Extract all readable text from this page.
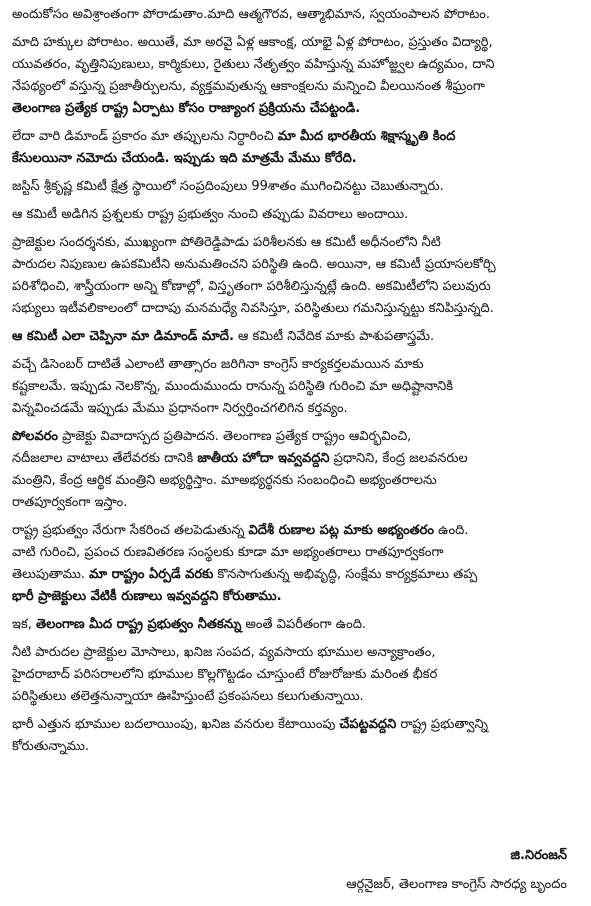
అందుకోసం అవిశ్రాంతంగా పోరాడుతాం.మాది ఆత్మగౌరవ, ఆత్మాభిమాన, స్వయంపాలన పోరాటం.
మాది హక్కుల పోరాటం. అయితే, మా అరవై ఏళ్ల ఆకాంక్ష, యాభై ఏళ్ల పోరాటం, ప్రస్తుతం విద్యార్థి,
యువతరం, వృత్తినిపుణులు, కార్మికులు, రైతులు నేతృత్వం వహిస్తున్న మహోజ్జ్వల ఉద్యమం, దాని
నేపథ్యంలో వస్తున్న ప్రజాతీర్పులను, వ్యక్తమవుతున్న ఆకాంక్షలను మన్నించి వీలయినంత శీఘ్రంగా
తెలంగాణ ప్రత్యేక రాష్ట్ర ఏర్పాటు కోసం రాజ్యాంగ ప్రక్రియను చేపట్టండి.
లేదా వారి డిమాండ్ ప్రకారం మా తప్పులను నిర్ధారించి మా మీద భారతీయ శిక్షాస్మృతి కింద
కేసులయినా నమోదు చేయండి. ఇప్పుడు ఇది మాత్రమే మేము కోరేది.
జస్టిస్ శ్రీకృష్ణ కమిటీ క్షేత్ర స్థాయిలో సంప్రదింపులు 99శాతం ముగించినట్టు చెబుతున్నారు.
ఆ కమిటీ అడిగిన ప్రశ్నలకు రాష్ట్ర ప్రభుత్వం నుంచి తప్పుడు వివరాలు అందాయి.
ప్రాజెక్టుల సందర్శనకు, ముఖ్యంగా పోతిరెడ్డిపాడు పరిశీలనకు ఆ కమిటీ అధీనంలోని నీటి
పారుదల నిపుణుల ఉపకమిటీని అనుమతించని పరిస్థితి ఉంది. అయినా, ఆ కమిటీ ప్రయాసలకోర్చి
పరిశోధించి, శాస్త్రీయంగా అన్ని కోణాల్లో, విస్తృతంగా పరిశీలిస్తున్నట్లే ఉంది. అకమిటీలోని పలువురు
సభ్యులు ఇటీవలికాలంలో దాదాపు మనమధ్యే నివసిస్తూ, పరిస్థితులు గమనిస్తున్నట్టు కనిపిస్తున్నది.
ఆ కమిటీ ఎలా చెప్పినా మా డిమాండ్ మాదే. ఆ కమిటీ నివేదిక మాకు పాశుపతాస్త్రమే.
వచ్చే డిసెంబర్ దాటితే ఎలాంటి తాత్సారం జరిగినా కాంగ్రెస్ కార్యకర్తలమయిన మాకు
కష్టకాలమే. ఇప్పుడు నెలకొన్న, ముందుముందు రానున్న పరిస్థితి గురించి మా అధిష్టానానికి
విన్నవించడమే ఇప్పుడు మేము ప్రధానంగా నిర్వర్తించగలిగిన కర్తవ్యం.
పోలవరం ప్రాజెక్టు వివాదాస్పద ప్రతిపాదన. తెలంగాణ ప్రత్యేక రాష్ట్రం ఆవిర్భవించి,
నదీజలాల వాటాలు తేలేవరకు దానికి జాతీయ హోదా ఇవ్వవద్దని ప్రధానిని, కేంద్ర జలవనరుల
మంత్రిని, కేంద్ర ఆర్థిక మంత్రిని అభ్యర్థిస్తాం. మాఅభ్యర్థనకు సంబంధించి అభ్యంతరాలను
రాతపూర్వకంగా ఇస్తాం.
రాష్ట్ర ప్రభుత్వం నేరుగా సేకరించ తలపెడుతున్న విదేశీ రుణాల పట్ల మాకు అభ్యంతరం ఉంది.
వాటి గురించి, ప్రపంచ రుణవితరణ సంస్థలకు కూడా మా అభ్యంతరాలు రాతపూర్వకంగా
తెలుపుతాము. మా రాష్ట్రం ఏర్పడే వరకు కొనసాగుతున్న అభివృద్ధి, సంక్షేమ కార్యక్రమాలు తప్ప
భారీ ప్రాజెక్టులు వేటికీ రుణాలు ఇవ్వవద్దని కోరుతాము.
ఇక, తెలంగాణ మీద రాష్ట్ర ప్రభుత్వం నీతకన్ను అంతే విపరీతంగా ఉంది.
నీటి పారుదల ప్రాజెక్టుల మోసాలు, ఖనిజ సంపద, వ్యవసాయ భూముల అన్యాక్రాంతం,
హైదరాబాద్ పరిసరాలలోని భూముల కొల్లగొట్టడం చూస్తుంటే రోజురోజుకు మరింత భీకర
పరిస్థితులు తలెత్తనున్నాయా ఊహిస్తుంటే ప్రకంపనలు కలుగుతున్నాయి.
భారీ ఎత్తున భూముల బదలాయింపు, ఖనిజ వనరుల కేటాయింపు చేపట్టవద్దని రాష్ట్ర ప్రభుత్వాన్ని
కోరుతున్నాము.
జి.నిరంజన్
ఆర్గనైజర్, తెలంగాణ కాంగ్రెస్ సారధ్య బృందం
